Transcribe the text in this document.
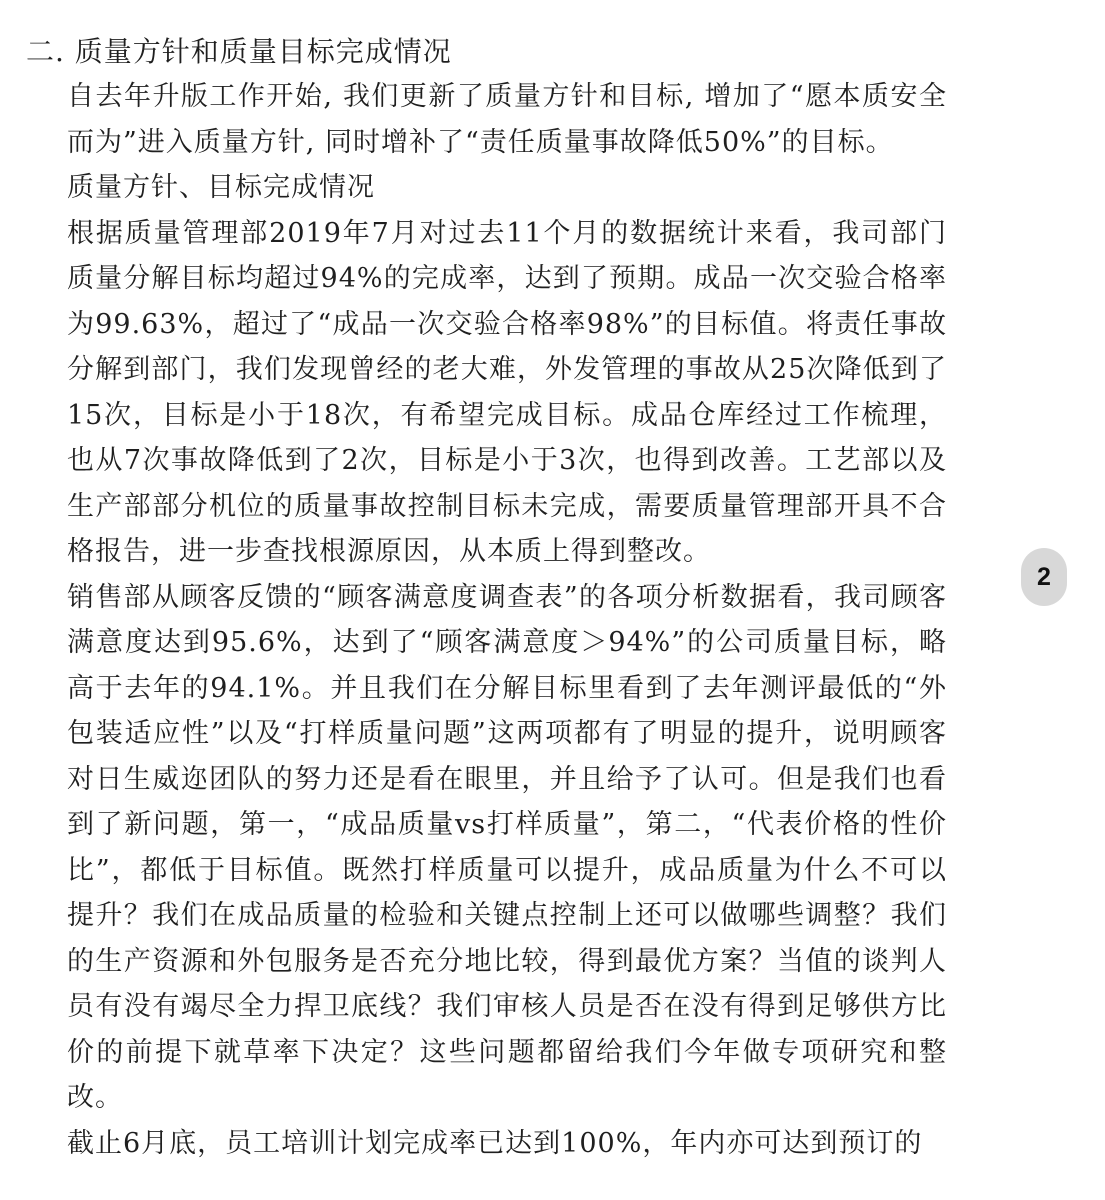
二. 质量方针和质量目标完成情况

自去年升版工作开始, 我们更新了质量方针和目标, 增加了“愿本质安全而为”进入质量方针, 同时增补了“责任质量事故降低50%”的目标。

质量方针、目标完成情况

根据质量管理部2019年7月对过去11个月的数据统计来看，我司部门质量分解目标均超过94%的完成率，达到了预期。成品一次交验合格率为99.63%，超过了“成品一次交验合格率98%”的目标值。将责任事故分解到部门，我们发现曾经的老大难，外发管理的事故从25次降低到了15次，目标是小于18次，有希望完成目标。成品仓库经过工作梳理，也从7次事故降低到了2次，目标是小于3次，也得到改善。工艺部以及生产部部分机位的质量事故控制目标未完成，需要质量管理部开具不合格报告，进一步查找根源原因，从本质上得到整改。

销售部从顾客反馈的“顾客满意度调查表”的各项分析数据看，我司顾客满意度达到95.6%，达到了“顾客满意度＞94%”的公司质量目标，略高于去年的94.1%。并且我们在分解目标里看到了去年测评最低的“外包装适应性”以及“打样质量问题”这两项都有了明显的提升，说明顾客对日生威迩团队的努力还是看在眼里，并且给予了认可。但是我们也看到了新问题，第一，“成品质量vs打样质量”，第二，“代表价格的性价比”，都低于目标值。既然打样质量可以提升，成品质量为什么不可以提升？我们在成品质量的检验和关键点控制上还可以做哪些调整？我们的生产资源和外包服务是否充分地比较，得到最优方案？当值的谈判人员有没有竭尽全力捍卫底线？我们审核人员是否在没有得到足够供方比价的前提下就草率下决定？这些问题都留给我们今年做专项研究和整改。

截止6月底，员工培训计划完成率已达到100%，年内亦可达到预订的

2
